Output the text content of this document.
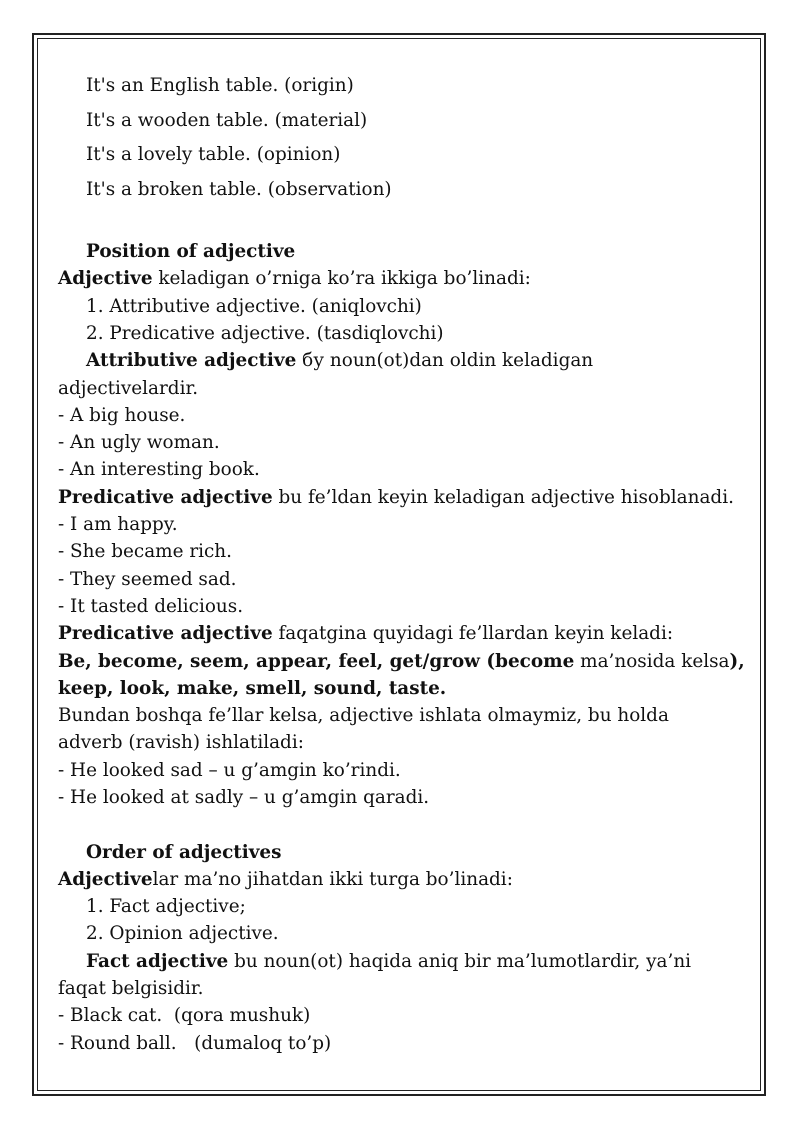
It's an English table. (origin)

It's a wooden table. (material)

It's a lovely table. (opinion)

It's a broken table. (observation)

Position of adjective

Adjective keladigan o’rniga ko’ra ikkiga bo’linadi:

1. Attributive adjective. (aniqlovchi)

2. Predicative adjective. (tasdiqlovchi)

Attributive adjective бу noun(ot)dan oldin keladigan

adjectivelardir.

- A big house.

- An ugly woman.

- An interesting book.

Predicative adjective bu fe’ldan keyin keladigan adjective hisoblanadi.

- I am happy.

- She became rich.

- They seemed sad.

- It tasted delicious.

Predicative adjective faqatgina quyidagi fe’llardan keyin keladi:

Be, become, seem, appear, feel, get/grow (become ma’nosida kelsa),

keep, look, make, smell, sound, taste.

Bundan boshqa fe’llar kelsa, adjective ishlata olmaymiz, bu holda

adverb (ravish) ishlatiladi:

- He looked sad – u g’amgin ko’rindi.

- He looked at sadly – u g’amgin qaradi.

Order of adjectives

Adjectivelar ma’no jihatdan ikki turga bo’linadi:

1. Fact adjective;

2. Opinion adjective.

Fact adjective bu noun(ot) haqida aniq bir ma’lumotlardir, ya’ni

faqat belgisidir.

- Black cat.  (qora mushuk)

- Round ball.   (dumaloq to’p)
